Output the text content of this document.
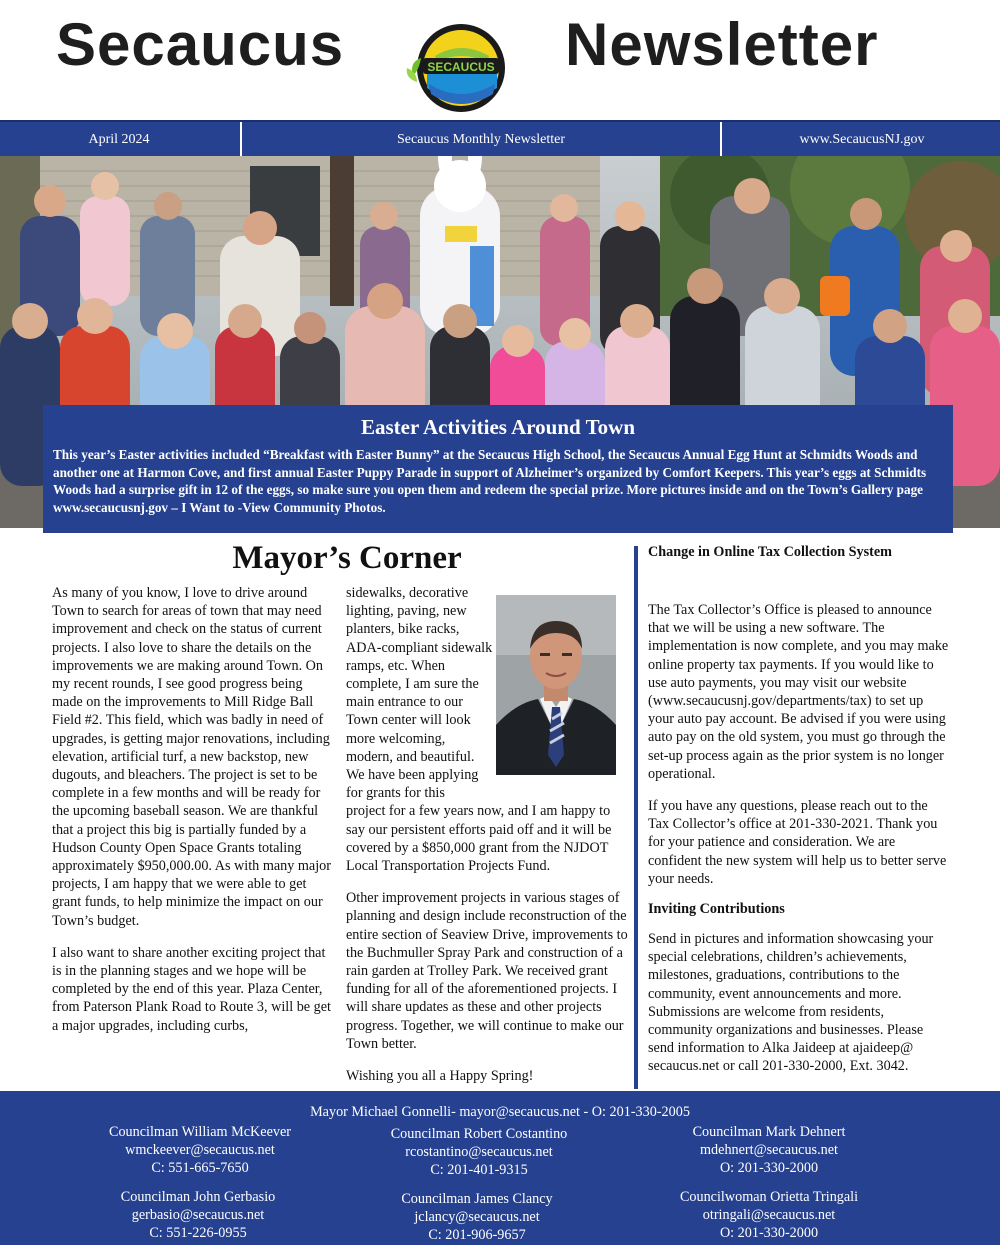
Secaucus	SECAUCUS Newsletter
April 2024	Secaucus Monthly Newsletter	www.SecaucusNJ.gov
Easter Activities Around Town

This year’s Easter activities included “Breakfast with Easter Bunny” at the Secaucus High School, the Secaucus Annual Egg Hunt at Schmidts Woods and another one at Harmon Cove, and first annual Easter Puppy Parade in support of Alzheimer’s organized by Comfort Keepers. This year’s eggs at Schmidts Woods had a surprise gift in 12 of the eggs, so make sure you open them and redeem the special prize. More pictures inside and on the Town’s Gallery page www.secaucusnj.gov – I Want to -View Community Photos.

Mayor’s Corner

As many of you know, I love to drive around Town to search for areas of town that may need improvement and check on the status of current projects. I also love to share the details on the improvements we are making around Town. On my recent rounds, I see good progress being made on the improvements to Mill Ridge Ball Field #2. This field, which was badly in need of upgrades, is getting major renovations, including elevation, artificial turf, a new backstop, new dugouts, and bleachers. The project is set to be complete in a few months and will be ready for the upcoming baseball season. We are thankful that a project this big is partially funded by a Hudson County Open Space Grants totaling approximately $950,000.00. As with many major projects, I am happy that we were able to get grant funds, to help minimize the impact on our Town’s budget.

I also want to share another exciting project that is in the planning stages and we hope will be completed by the end of this year. Plaza Center, from Paterson Plank Road to Route 3, will be get a major upgrades, including curbs,

sidewalks, decorative lighting, paving, new planters, bike racks, ADA-compliant sidewalk ramps, etc. When complete, I am sure the main entrance to our Town center will look more welcoming, modern, and beautiful. We have been applying for grants for this

project for a few years now, and I am happy to say our persistent efforts paid off and it will be covered by a $850,000 grant from the NJDOT Local Transportation Projects Fund.

Other improvement projects in various stages of planning and design include reconstruction of the entire section of Seaview Drive, improvements to the Buchmuller Spray Park and construction of a rain garden at Trolley Park. We received grant funding for all of the aforementioned projects. I will share updates as these and other projects progress. Together, we will continue to make our Town better.

Wishing you all a Happy Spring!

Change in Online Tax Collection System

The Tax Collector’s Office is pleased to announce that we will be using a new software. The implementation is now complete, and you may make online property tax payments. If you would like to use auto payments, you may visit our website (www.secaucusnj.gov/departments/tax) to set up your auto pay account. Be advised if you were using auto pay on the old system, you must go through the set-up process again as the prior system is no longer operational.

If you have any questions, please reach out to the Tax Collector’s office at 201-330-2021. Thank you for your patience and consideration. We are confident the new system will help us to better serve your needs.

Inviting Contributions

Send in pictures and information showcasing your special celebrations, children’s achievements, milestones, graduations, contributions to the community, event announcements and more. Submissions are welcome from residents, community organizations and businesses. Please send information to Alka Jaideep at ajaideep@ secaucus.net or call 201-330-2000, Ext. 3042.

Mayor Michael Gonnelli- mayor@secaucus.net - O: 201-330-2005
Councilman William McKeever
wmckeever@secaucus.net
C: 551-665-7650
Councilman Robert Costantino
rcostantino@secaucus.net
C: 201-401-9315
Councilman Mark Dehnert
mdehnert@secaucus.net
O: 201-330-2000
Councilman John Gerbasio
gerbasio@secaucus.net
C: 551-226-0955
Councilman James Clancy
jclancy@secaucus.net
C: 201-906-9657
Councilwoman Orietta Tringali
otringali@secaucus.net
O: 201-330-2000
